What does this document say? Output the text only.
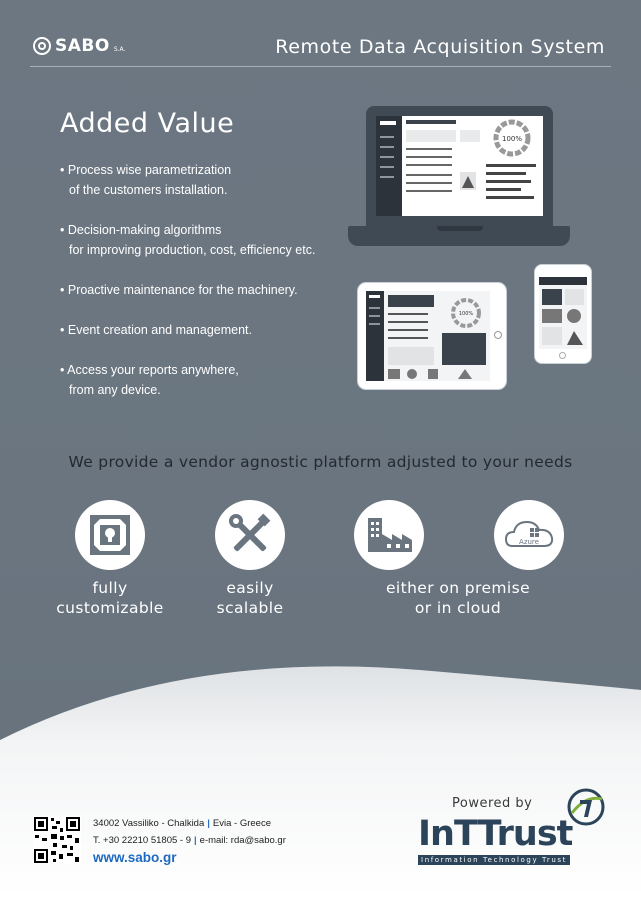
SABO S.A.	Remote Data Acquisition System
Added Value
• Process wise parametrization
of the customers installation.
• Decision-making algorithms
for improving production, cost, efficiency etc.
• Proactive maintenance for the machinery.
• Event creation and management.
• Access your reports anywhere,
from any device.
100%
100%
We provide a vendor agnostic platform adjusted to your needs
Azure
fully
customizable
easily
scalable
either on premise
or in cloud
34002 Vassiliko - Chalkida | Evia - Greece
T. +30 22210 51805 - 9 | e-mail: rda@sabo.gr
www.sabo.gr
Powered by
InTTrust
Information Technology Trust
